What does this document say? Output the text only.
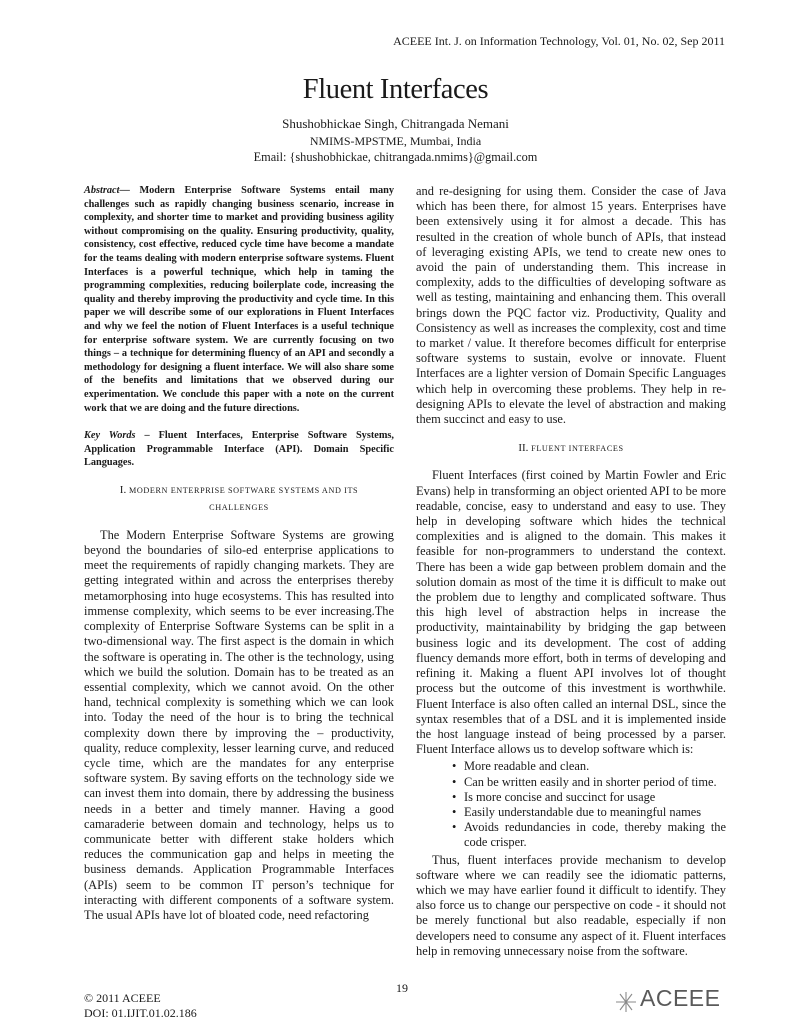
ACEEE Int. J. on Information Technology, Vol. 01, No. 02, Sep 2011
Fluent Interfaces
Shushobhickae Singh, Chitrangada Nemani
NMIMS-MPSTME, Mumbai, India
Email: {shushobhickae, chitrangada.nmims}@gmail.com

Abstract— Modern Enterprise Software Systems entail many challenges such as rapidly changing business scenario, increase in complexity, and shorter time to market and providing business agility without compromising on the quality. Ensuring productivity, quality, consistency, cost effective, reduced cycle time have become a mandate for the teams dealing with modern enterprise software systems. Fluent Interfaces is a powerful technique, which help in taming the programming complexities, reducing boilerplate code, increasing the quality and thereby improving the productivity and cycle time. In this paper we will describe some of our explorations in Fluent Interfaces and why we feel the notion of Fluent Interfaces is a useful technique for enterprise software system. We are currently focusing on two things – a technique for determining fluency of an API and secondly a methodology for designing a fluent interface. We will also share some of the benefits and limitations that we observed during our experimentation. We conclude this paper with a note on the current work that we are doing and the future directions.

Key Words – Fluent Interfaces, Enterprise Software Systems, Application Programmable Interface (API). Domain Specific Languages.

I. MODERN ENTERPRISE SOFTWARE SYSTEMS AND ITS CHALLENGES

The Modern Enterprise Software Systems are growing beyond the boundaries of silo-ed enterprise applications to meet the requirements of rapidly changing markets. They are getting integrated within and across the enterprises thereby metamorphosing into huge ecosystems. This has resulted into immense complexity, which seems to be ever increasing.The complexity of Enterprise Software Systems can be split in a two-dimensional way. The first aspect is the domain in which the software is operating in. The other is the technology, using which we build the solution. Domain has to be treated as an essential complexity, which we cannot avoid. On the other hand, technical complexity is something which we can look into. Today the need of the hour is to bring the technical complexity down there by improving the – productivity, quality, reduce complexity, lesser learning curve, and reduced cycle time, which are the mandates for any enterprise software system. By saving efforts on the technology side we can invest them into domain, there by addressing the business needs in a better and timely manner. Having a good camaraderie between domain and technology, helps us to communicate better with different stake holders which reduces the communication gap and helps in meeting the business demands. Application Programmable Interfaces (APIs) seem to be common IT person’s technique for interacting with different components of a software system. The usual APIs have lot of bloated code, need refactoring

and re-designing for using them. Consider the case of Java which has been there, for almost 15 years. Enterprises have been extensively using it for almost a decade. This has resulted in the creation of whole bunch of APIs, that instead of leveraging existing APIs, we tend to create new ones to avoid the pain of understanding them. This increase in complexity, adds to the difficulties of developing software as well as testing, maintaining and enhancing them. This overall brings down the PQC factor viz. Productivity, Quality and Consistency as well as increases the complexity, cost and time to market / value. It therefore becomes difficult for enterprise software systems to sustain, evolve or innovate. Fluent Interfaces are a lighter version of Domain Specific Languages which help in overcoming these problems. They help in re-designing APIs to elevate the level of abstraction and making them succinct and easy to use.

II. FLUENT INTERFACES

Fluent Interfaces (first coined by Martin Fowler and Eric Evans) help in transforming an object oriented API to be more readable, concise, easy to understand and easy to use. They help in developing software which hides the technical complexities and is aligned to the domain. This makes it feasible for non-programmers to understand the context. There has been a wide gap between problem domain and the solution domain as most of the time it is difficult to make out the problem due to lengthy and complicated software. Thus this high level of abstraction helps in increase the productivity, maintainability by bridging the gap between business logic and its development. The cost of adding fluency demands more effort, both in terms of developing and refining it. Making a fluent API involves lot of thought process but the outcome of this investment is worthwhile. Fluent Interface is also often called an internal DSL, since the syntax resembles that of a DSL and it is implemented inside the host language instead of being processed by a parser. Fluent Interface allows us to develop software which is:

• More readable and clean.
• Can be written easily and in shorter period of time.
• Is more concise and succinct for usage
• Easily understandable due to meaningful names
• Avoids redundancies in code, thereby making the code crisper.

Thus, fluent interfaces provide mechanism to develop software where we can readily see the idiomatic patterns, which we may have earlier found it difficult to identify. They also force us to change our perspective on code - it should not be merely functional but also readable, especially if non developers need to consume any aspect of it. Fluent interfaces help in removing unnecessary noise from the software.

19
© 2011 ACEEE
DOI: 01.IJIT.01.02.186
ACEEE
